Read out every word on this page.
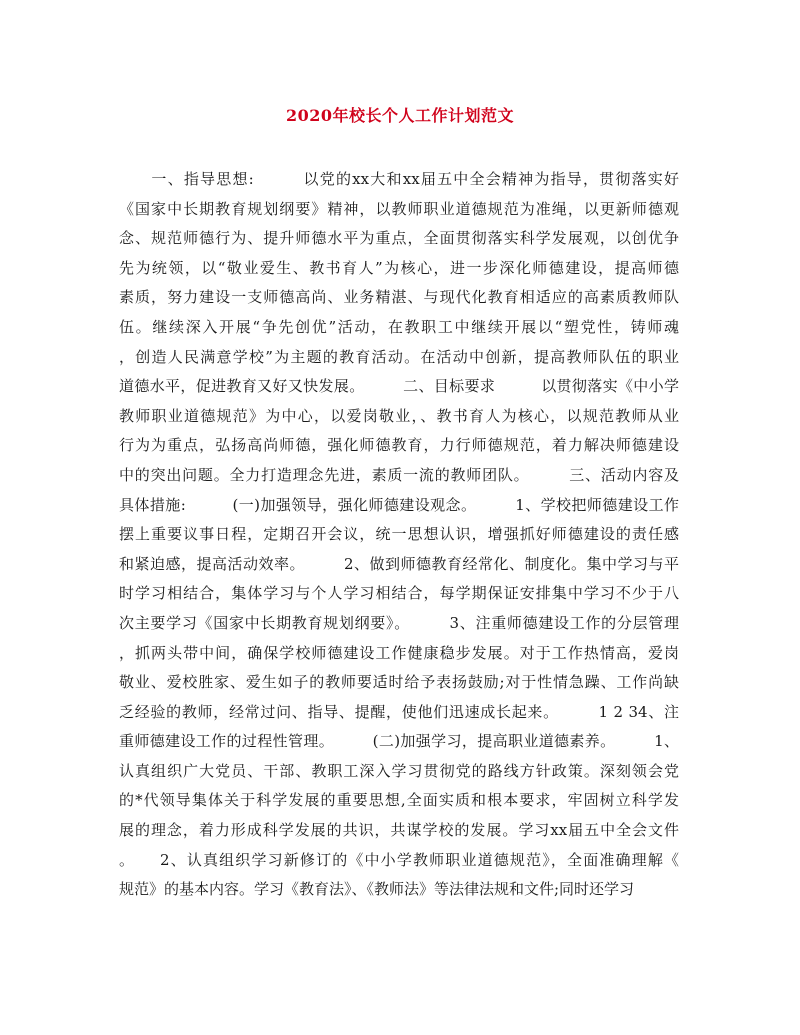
2020年校长个人工作计划范文
　　一、指导思想:　　　以党的xx大和xx届五中全会精神为指导，贯彻落实好
《国家中长期教育规划纲要》精神，以教师职业道德规范为准绳，以更新师德观
念、规范师德行为、提升师德水平为重点，全面贯彻落实科学发展观，以创优争
先为统领，以“敬业爱生、教书育人”为核心，进一步深化师德建设，提高师德
素质，努力建设一支师德高尚、业务精湛、与现代化教育相适应的高素质教师队
伍。继续深入开展“争先创优”活动，在教职工中继续开展以“塑党性，铸师魂
，创造人民满意学校”为主题的教育活动。在活动中创新，提高教师队伍的职业
道德水平，促进教育又好又快发展。　　　二、目标要求　　　以贯彻落实《中小学
教师职业道德规范》为中心，以爱岗敬业，、教书育人为核心，以规范教师从业
行为为重点，弘扬高尚师德，强化师德教育，力行师德规范，着力解决师德建设
中的突出问题。全力打造理念先进，素质一流的教师团队。　　　三、活动内容及
具体措施:　　　(一)加强领导，强化师德建设观念。　　　1、学校把师德建设工作
摆上重要议事日程，定期召开会议，统一思想认识，增强抓好师德建设的责任感
和紧迫感，提高活动效率。　　　2、做到师德教育经常化、制度化。集中学习与平
时学习相结合，集体学习与个人学习相结合，每学期保证安排集中学习不少于八
次主要学习《国家中长期教育规划纲要》。　　　3、注重师德建设工作的分层管理
，抓两头带中间，确保学校师德建设工作健康稳步发展。对于工作热情高，爱岗
敬业、爱校胜家、爱生如子的教师要适时给予表扬鼓励;对于性情急躁、工作尚缺
乏经验的教师，经常过问、指导、提醒，使他们迅速成长起来。　　　1 2 34、注
重师德建设工作的过程性管理。　　　(二)加强学习，提高职业道德素养。　　　1、
认真组织广大党员、干部、教职工深入学习贯彻党的路线方针政策。深刻领会党
的*代领导集体关于科学发展的重要思想,全面实质和根本要求，牢固树立科学发
展的理念，着力形成科学发展的共识，共谋学校的发展。学习xx届五中全会文件
。　　2、认真组织学习新修订的《中小学教师职业道德规范》，全面准确理解《
规范》的基本内容。学习《教育法》、《教师法》等法律法规和文件;同时还学习
